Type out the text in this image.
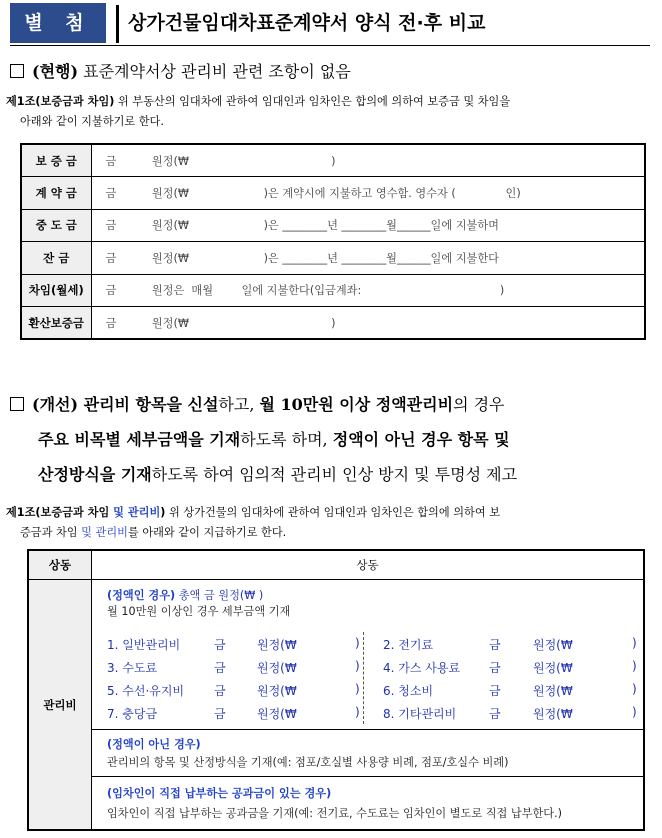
별 첨	상가건물임대차표준계약서 양식 전·후 비교
(현행) 표준계약서상 관리비 관련 조항이 없음
제1조(보증금과 차임) 위 부동산의 임대차에 관하여 임대인과 임차인은 합의에 의하여 보증금 및 차임을
아래와 같이 지불하기로 한다.
보 증 금	금          원정(₩                                        )
계 약 금	금          원정(₩                     )은 계약시에 지불하고 영수함. 영수자 (              인)
중 도 금	금          원정(₩                     )은 ________년 ________월______일에 지불하며
잔 금	금          원정(₩                     )은 ________년 ________월______일에 지불한다
차임(월세)	금          원정은  매월        일에 지불한다(입금계좌:                                       )
환산보증금	금          원정(₩                                        )
(개선) 관리비 항목을 신설하고, 월 10만원 이상 정액관리비의 경우
주요 비목별 세부금액을 기재하도록 하며, 정액이 아닌 경우 항목 및
산정방식을 기재하도록 하여 임의적 관리비 인상 방지 및 투명성 제고
제1조(보증금과 차임 및 관리비) 위 상가건물의 임대차에 관하여 임대인과 임차인은 합의에 의하여 보
증금과 차임 및 관리비를 아래와 같이 지급하기로 한다.
상동	상동
관리비
(정액인 경우) 총액 금 원정(₩ )
월 10만원 이상인 경우 세부금액 기재
1. 일반관리비	금	원정(₩	) 2. 전기료	금	원정(₩	)
3. 수도료	금	원정(₩	) 4. 가스 사용료 금	원정(₩	)
5. 수선·유지비 금	원정(₩	) 6. 청소비	금	원정(₩	)
7. 충당금	금	원정(₩	) 8. 기타관리비	금	원정(₩	)
(정액이 아닌 경우)
관리비의 항목 및 산정방식을 기재(예: 점포/호실별 사용량 비례, 점포/호실수 비례)
(임차인이 직접 납부하는 공과금이 있는 경우)
임차인이 직접 납부하는 공과금을 기재(예: 전기료, 수도료는 임차인이 별도로 직접 납부한다.)
